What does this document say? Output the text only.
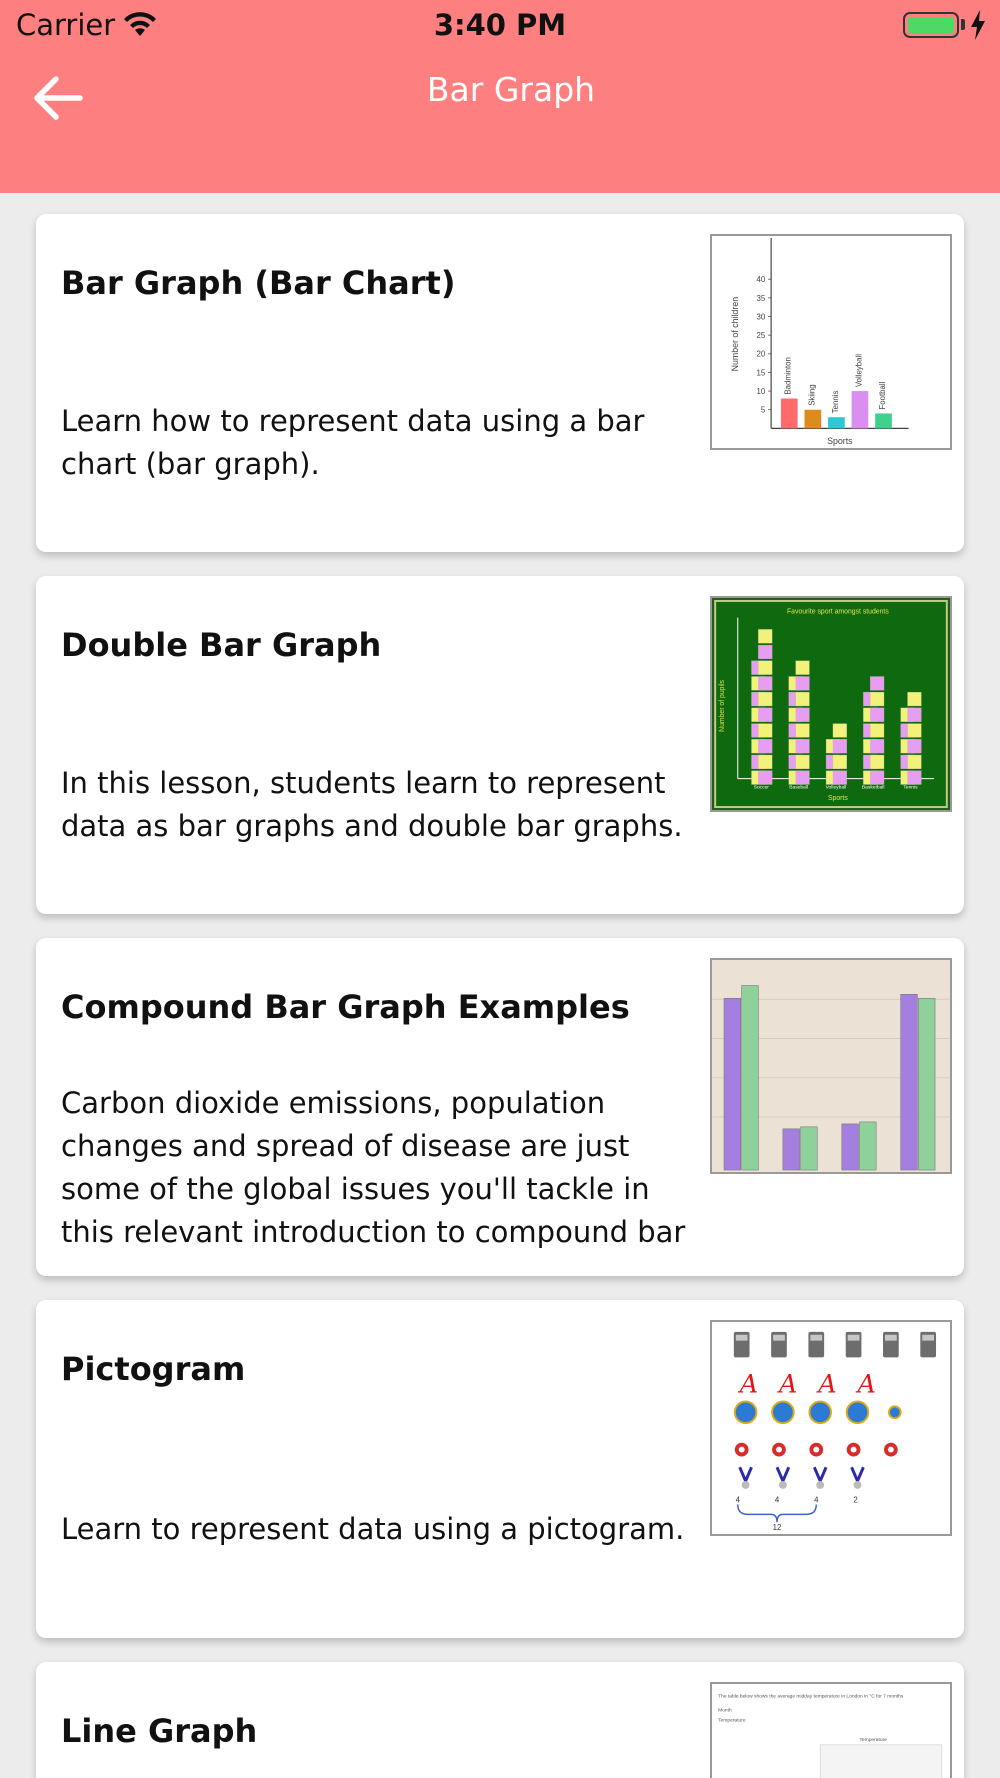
Carrier	3:40 PM
Bar Graph
Bar Graph (Bar Chart)
Learn how to represent data using a bar chart (bar graph).
Number of children
Sports
5
10
15
20
25
30
35
40
Badminton
Skiing Tennis
Volleyball
Football
Double Bar Graph
In this lesson, students learn to represent data as bar graphs and double bar graphs.
Favourite sport amongst students
Number of pupils
Sports
Soccer	Baseball	Volleyball	Basketball	Tennis
Compound Bar Graph Examples
Carbon dioxide emissions, population changes and spread of disease are just some of the global issues you'll tackle in this relevant introduction to compound bar
Pictogram
Learn to represent data using a pictogram.
A A A A
4	4	4	2
12
Line Graph
The table below shows the average midday temperature in London in °C for 7 months
Month
Temperature
Temperature
